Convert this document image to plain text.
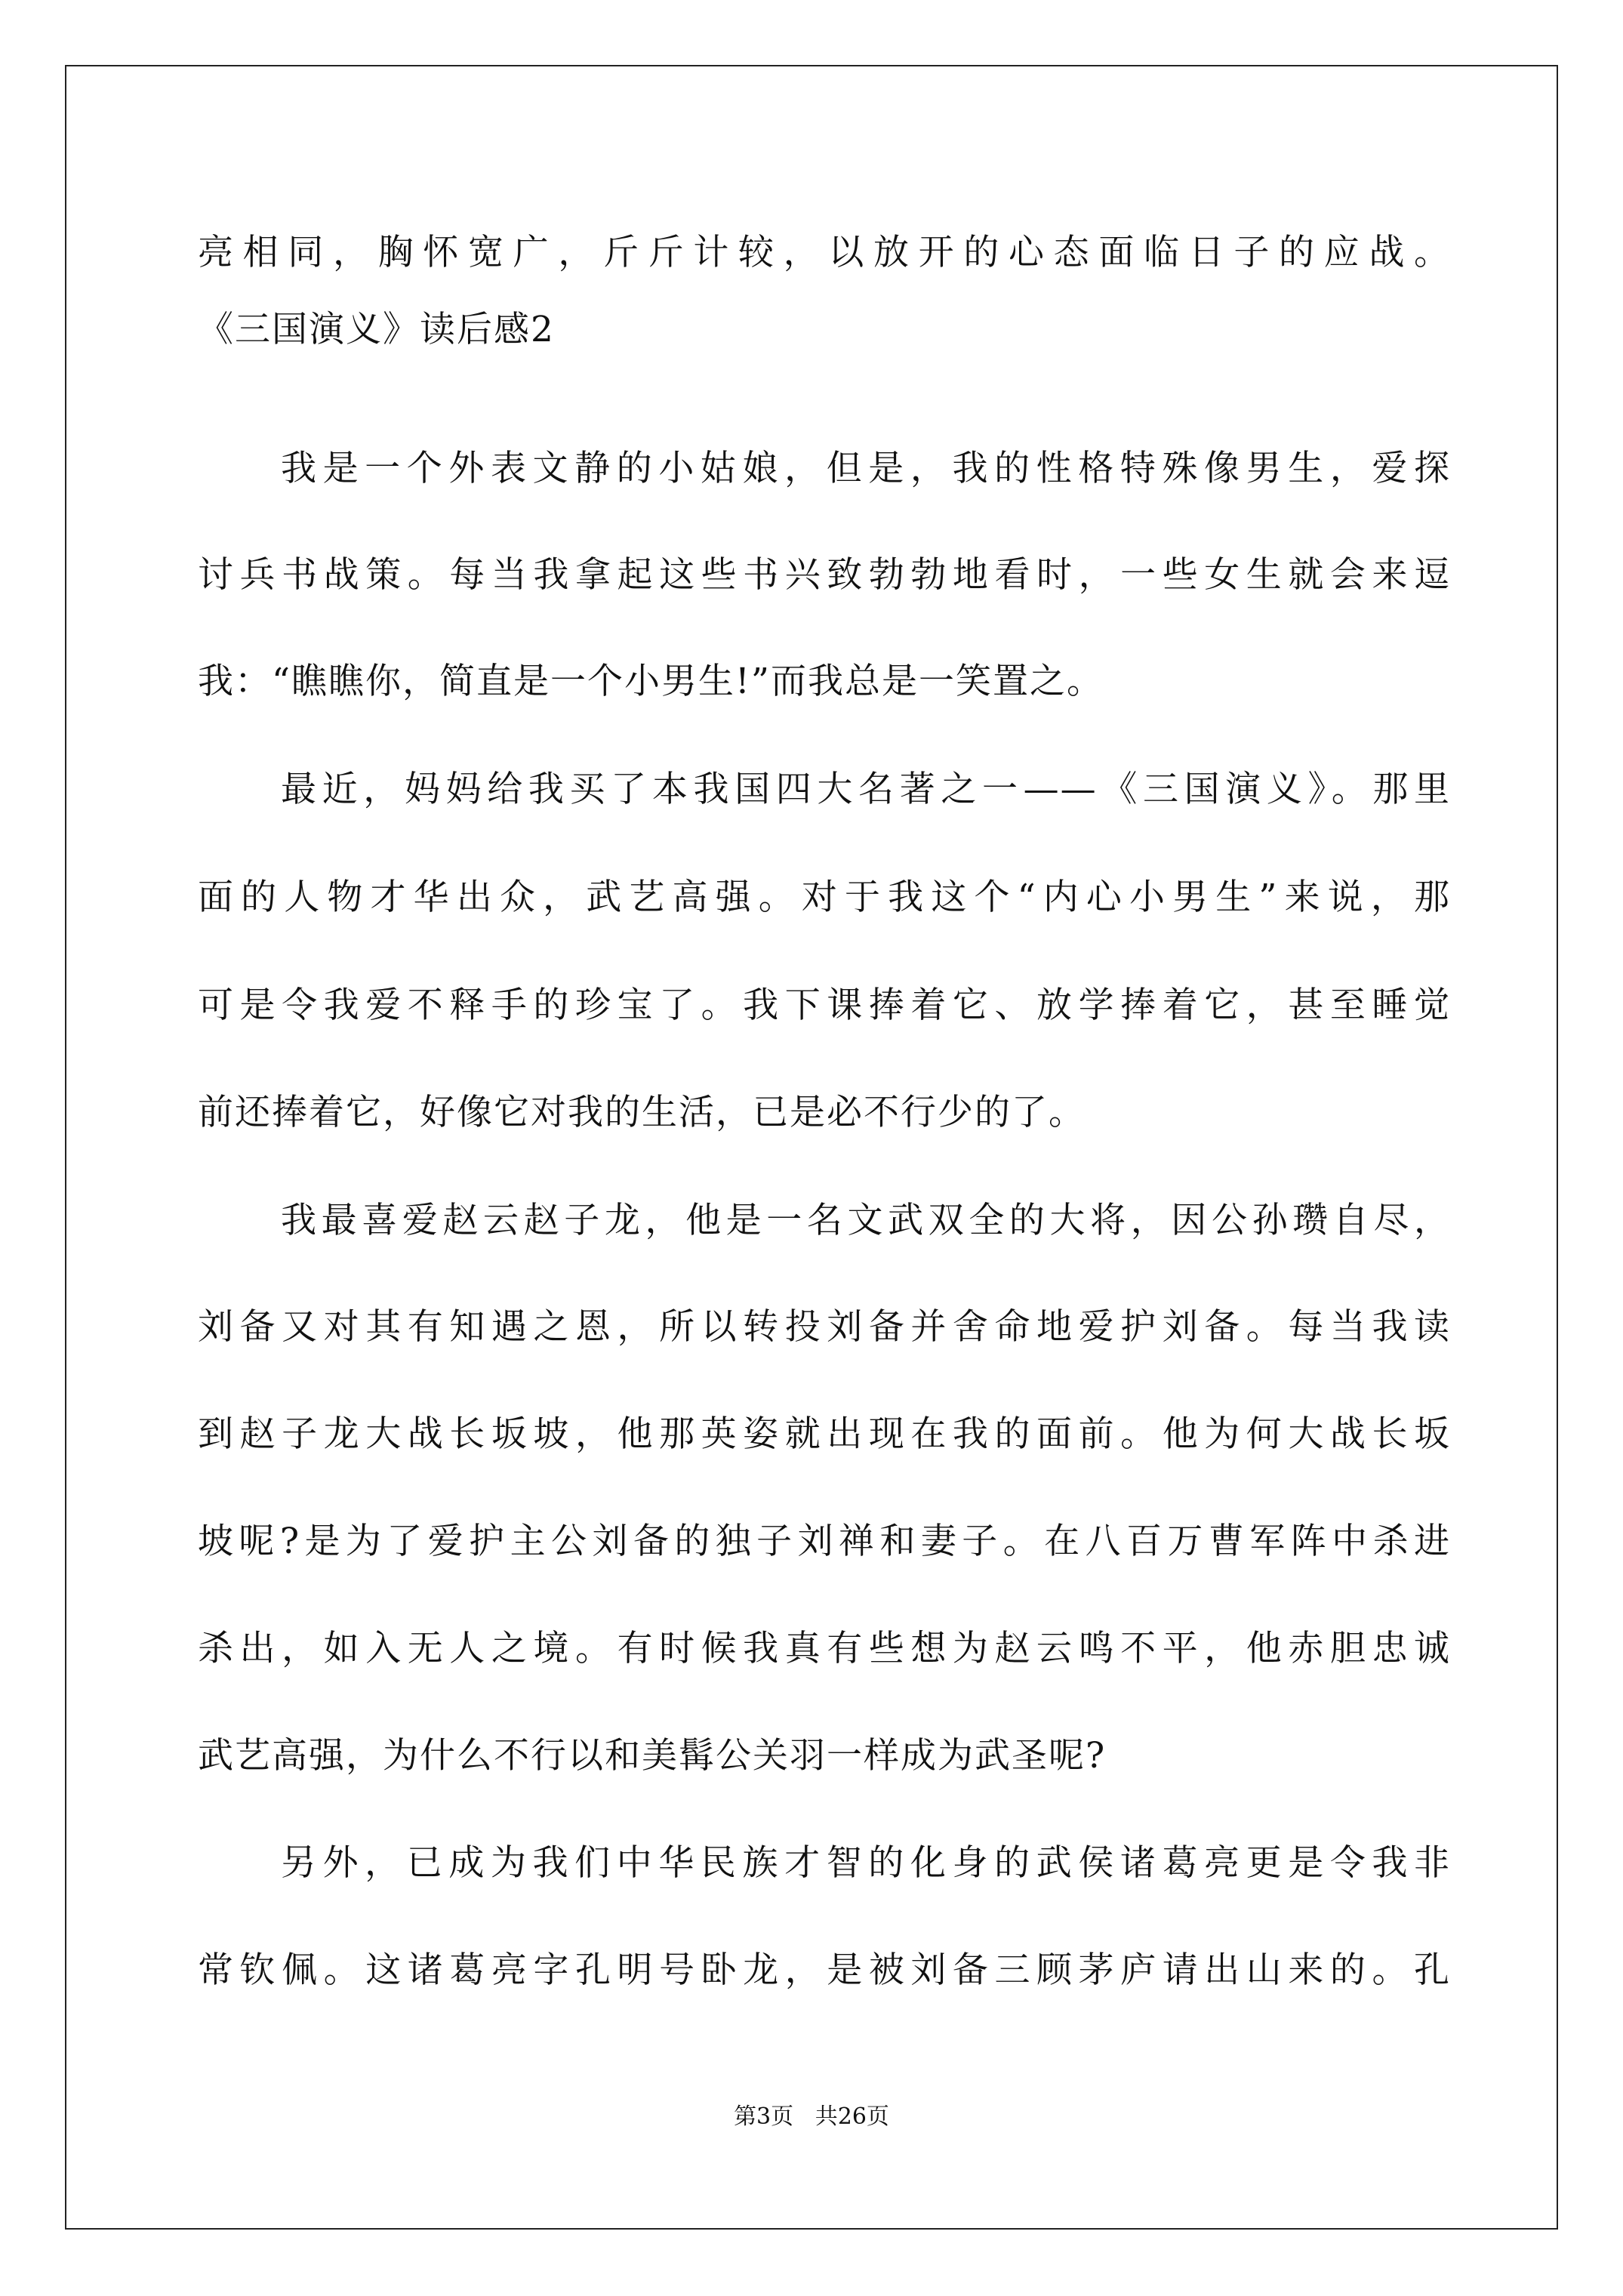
亮相同，胸怀宽广，斤斤计较，以放开的心态面临日子的应战。
《三国演义》读后感2
我是一个外表文静的小姑娘，但是，我的性格特殊像男生，爱探
讨兵书战策。每当我拿起这些书兴致勃勃地看时，一些女生就会来逗
我：“瞧瞧你，简直是一个小男生!”而我总是一笑置之。
最近，妈妈给我买了本我国四大名著之一——《三国演义》。那里
面的人物才华出众，武艺高强。对于我这个“内心小男生”来说，那
可是令我爱不释手的珍宝了。我下课捧着它、放学捧着它，甚至睡觉
前还捧着它，好像它对我的生活，已是必不行少的了。
我最喜爱赵云赵子龙，他是一名文武双全的大将，因公孙瓒自尽，
刘备又对其有知遇之恩，所以转投刘备并舍命地爱护刘备。每当我读
到赵子龙大战长坂坡，他那英姿就出现在我的面前。他为何大战长坂
坡呢?是为了爱护主公刘备的独子刘禅和妻子。在八百万曹军阵中杀进
杀出，如入无人之境。有时候我真有些想为赵云鸣不平，他赤胆忠诚
武艺高强，为什么不行以和美髯公关羽一样成为武圣呢?
另外，已成为我们中华民族才智的化身的武侯诸葛亮更是令我非
常钦佩。这诸葛亮字孔明号卧龙，是被刘备三顾茅庐请出山来的。孔
第3页   共26页
